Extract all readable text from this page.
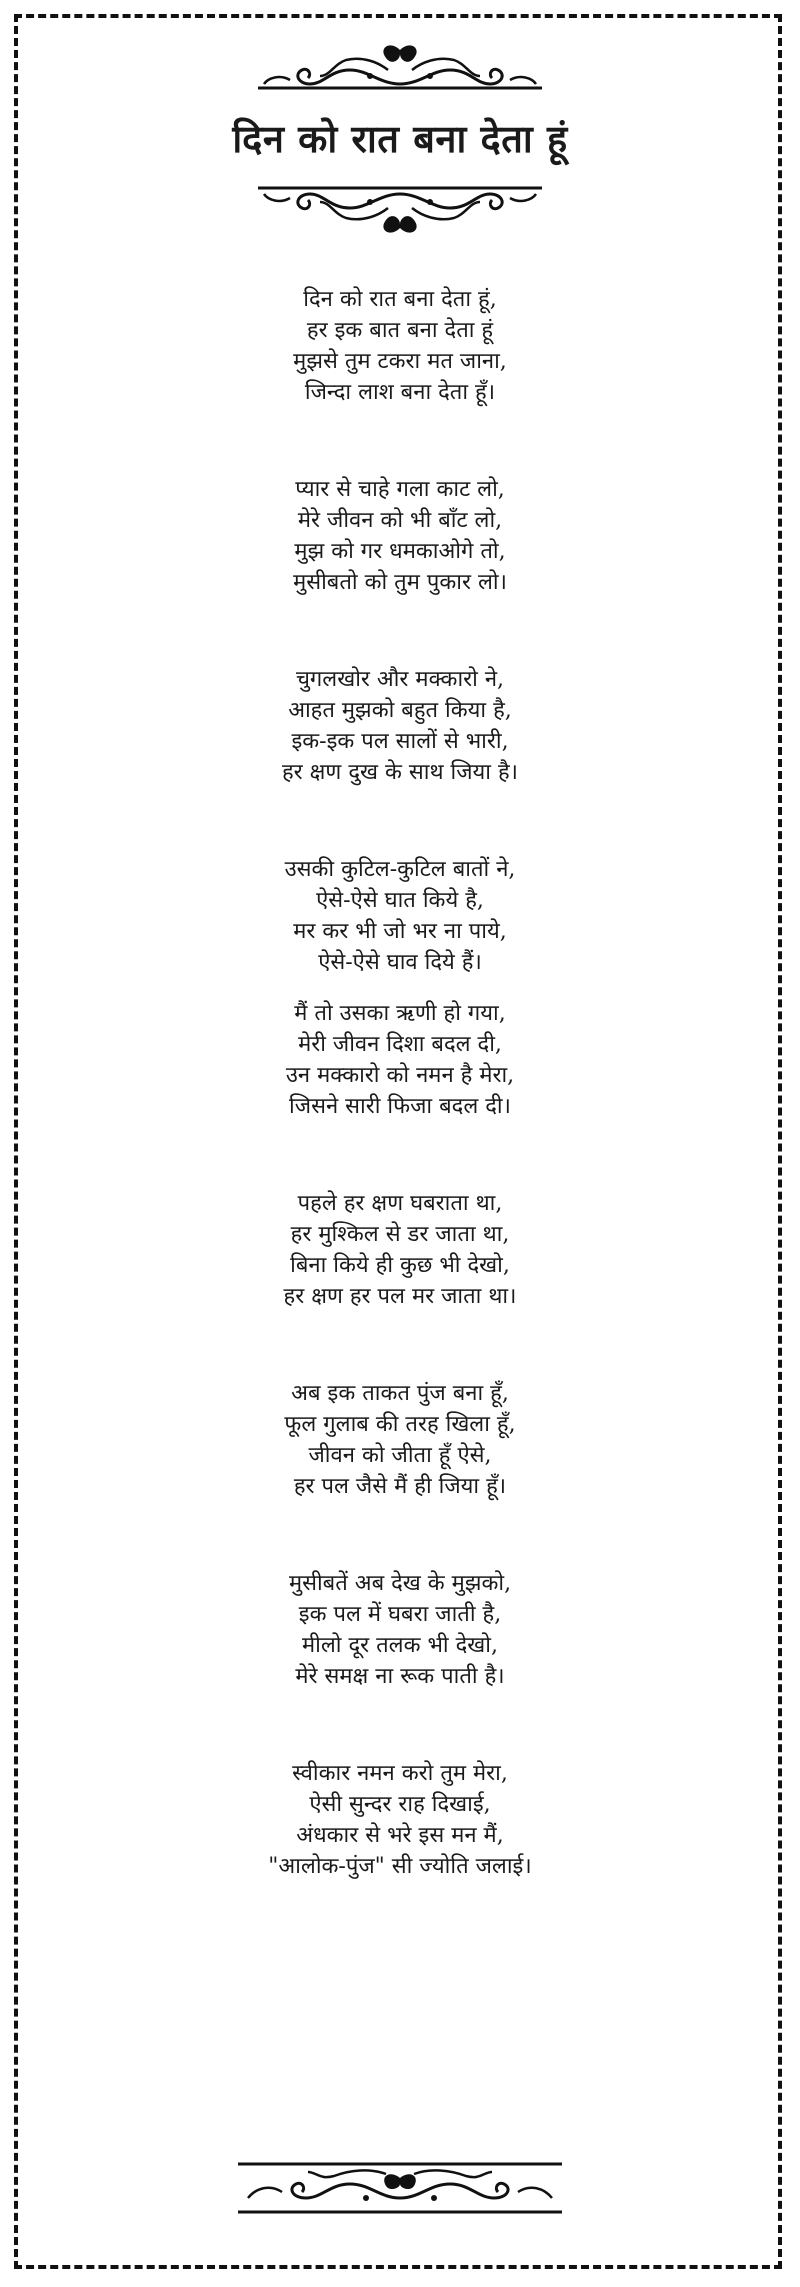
दिन को रात बना देता हूं

दिन को रात बना देता हूं,
हर इक बात बना देता हूं
मुझसे तुम टकरा मत जाना,
जिन्दा लाश बना देता हूँ।

प्यार से चाहे गला काट लो,
मेरे जीवन को भी बाँट लो,
मुझ को गर धमकाओगे तो,
मुसीबतो को तुम पुकार लो।

चुगलखोर और मक्कारो ने,
आहत मुझको बहुत किया है,
इक-इक पल सालों से भारी,
हर क्षण दुख के साथ जिया है।

उसकी कुटिल-कुटिल बातों ने,
ऐसे-ऐसे घात किये है,
मर कर भी जो भर ना पाये,
ऐसे-ऐसे घाव दिये हैं।

मैं तो उसका ऋणी हो गया,
मेरी जीवन दिशा बदल दी,
उन मक्कारो को नमन है मेरा,
जिसने सारी फिजा बदल दी।

पहले हर क्षण घबराता था,
हर मुश्किल से डर जाता था,
बिना किये ही कुछ भी देखो,
हर क्षण हर पल मर जाता था।

अब इक ताकत पुंज बना हूँ,
फूल गुलाब की तरह खिला हूँ,
जीवन को जीता हूँ ऐसे,
हर पल जैसे मैं ही जिया हूँ।

मुसीबतें अब देख के मुझको,
इक पल में घबरा जाती है,
मीलो दूर तलक भी देखो,
मेरे समक्ष ना रूक पाती है।

स्वीकार नमन करो तुम मेरा,
ऐसी सुन्दर राह दिखाई,
अंधकार से भरे इस मन मैं,
"आलोक-पुंज" सी ज्योति जलाई।
